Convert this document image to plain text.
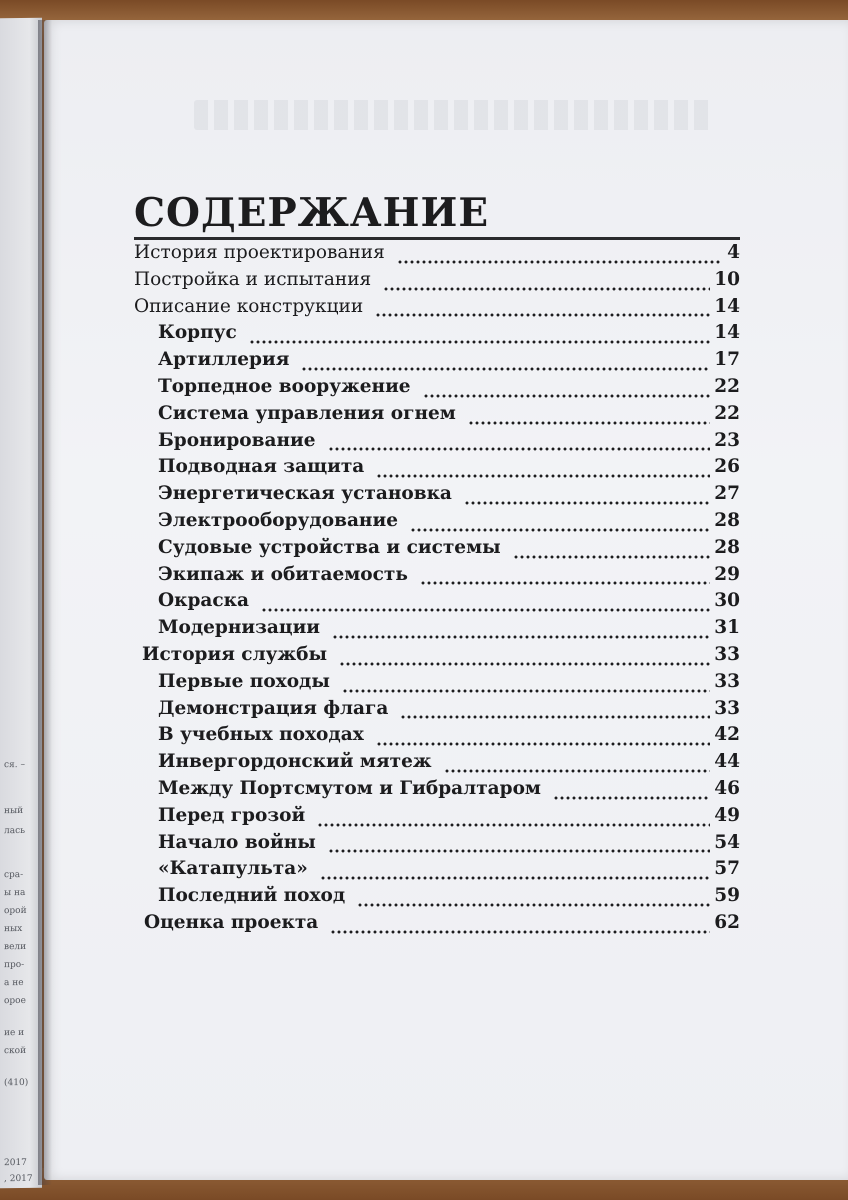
ся. –
ный
лась
сра-
ы на
орой
ных
вели
про-
а не
орое
ие и
ской
(410)
2017
, 2017
СОДЕРЖАНИЕ
История проектирования	4
Постройка и испытания	10
Описание конструкции	14
Корпус	14
Артиллерия	17
Торпедное вооружение	22
Система управления огнем	22
Бронирование	23
Подводная защита	26
Энергетическая установка	27
Электрооборудование	28
Судовые устройства и системы	28
Экипаж и обитаемость	29
Окраска	30
Модернизации	31
История службы	33
Первые походы	33
Демонстрация флага	33
В учебных походах	42
Инвергордонский мятеж	44
Между Портсмутом и Гибралтаром	46
Перед грозой	49
Начало войны	54
«Катапульта»	57
Последний поход	59
Оценка проекта	62
